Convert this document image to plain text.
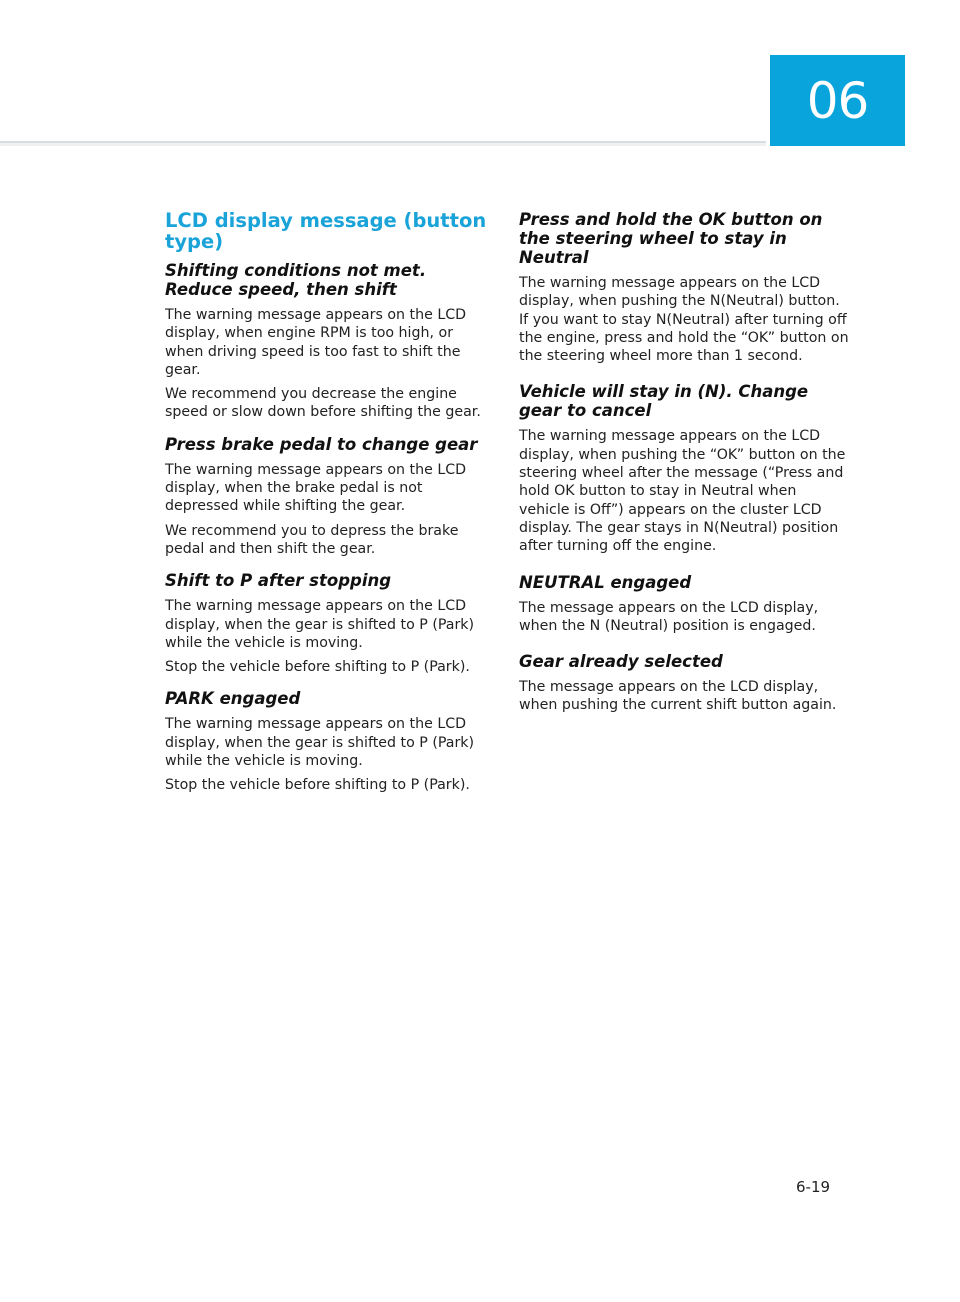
06
LCD display message (button type)
Shifting conditions not met. Reduce speed, then shift
The warning message appears on the LCD display, when engine RPM is too high, or when driving speed is too fast to shift the gear.
We recommend you decrease the engine speed or slow down before shifting the gear.
Press brake pedal to change gear
The warning message appears on the LCD display, when the brake pedal is not depressed while shifting the gear.
We recommend you to depress the brake pedal and then shift the gear.
Shift to P after stopping
The warning message appears on the LCD display, when the gear is shifted to P (Park) while the vehicle is moving.
Stop the vehicle before shifting to P (Park).
PARK engaged
The warning message appears on the LCD display, when the gear is shifted to P (Park) while the vehicle is moving.
Stop the vehicle before shifting to P (Park).
Press and hold the OK button on the steering wheel to stay in Neutral
The warning message appears on the LCD display, when pushing the N(Neutral) button. If you want to stay N(Neutral) after turning off the engine, press and hold the “OK” button on the steering wheel more than 1 second.
Vehicle will stay in (N). Change gear to cancel
The warning message appears on the LCD display, when pushing the “OK” button on the steering wheel after the message (“Press and hold OK button to stay in Neutral when vehicle is Off”) appears on the cluster LCD display. The gear stays in N(Neutral) position after turning off the engine.
NEUTRAL engaged
The message appears on the LCD display, when the N (Neutral) position is engaged.
Gear already selected
The message appears on the LCD display, when pushing the current shift button again.
6-19
